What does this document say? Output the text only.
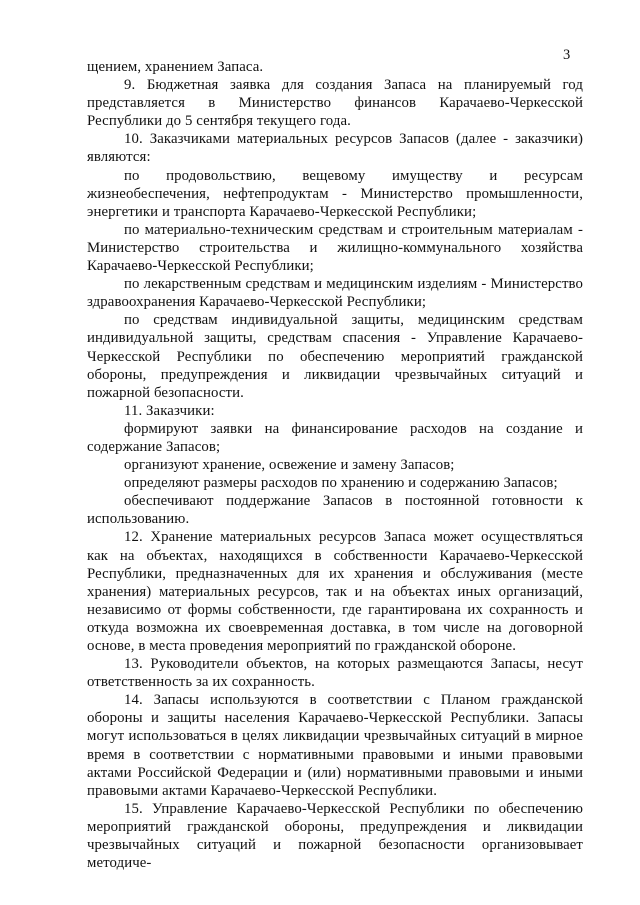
3

щением, хранением Запаса.

9. Бюджетная заявка для создания Запаса на планируемый год представляется в Министерство финансов Карачаево-Черкесской Республики до 5 сентября текущего года.

10. Заказчиками материальных ресурсов Запасов (далее - заказчики) являются:

по продовольствию, вещевому имуществу и ресурсам жизнеобеспечения, нефтепродуктам - Министерство промышленности, энергетики и транспорта Карачаево-Черкесской Республики;

по материально-техническим средствам и строительным материалам - Министерство строительства и жилищно-коммунального хозяйства Карачаево-Черкесской Республики;

по лекарственным средствам и медицинским изделиям - Министерство здравоохранения Карачаево-Черкесской Республики;

по средствам индивидуальной защиты, медицинским средствам индивидуальной защиты, средствам спасения - Управление Карачаево-Черкесской Республики по обеспечению мероприятий гражданской обороны, предупреждения и ликвидации чрезвычайных ситуаций и пожарной безопасности.

11. Заказчики:

формируют заявки на финансирование расходов на создание и содержание Запасов;

организуют хранение, освежение и замену Запасов;

определяют размеры расходов по хранению и содержанию Запасов;

обеспечивают поддержание Запасов в постоянной готовности к использованию.

12. Хранение материальных ресурсов Запаса может осуществляться как на объектах, находящихся в собственности Карачаево-Черкесской Республики, предназначенных для их хранения и обслуживания (месте хранения) материальных ресурсов, так и на объектах иных организаций, независимо от формы собственности, где гарантирована их сохранность и откуда возможна их своевременная доставка, в том числе на договорной основе, в места проведения мероприятий по гражданской обороне.

13. Руководители объектов, на которых размещаются Запасы, несут ответственность за их сохранность.

14. Запасы используются в соответствии с Планом гражданской обороны и защиты населения Карачаево-Черкесской Республики. Запасы могут использоваться в целях ликвидации чрезвычайных ситуаций в мирное время в соответствии с нормативными правовыми и иными правовыми актами Российской Федерации и (или) нормативными правовыми и иными правовыми актами Карачаево-Черкесской Республики.

15. Управление Карачаево-Черкесской Республики по обеспечению мероприятий гражданской обороны, предупреждения и ликвидации чрезвычайных ситуаций и пожарной безопасности организовывает методиче-
